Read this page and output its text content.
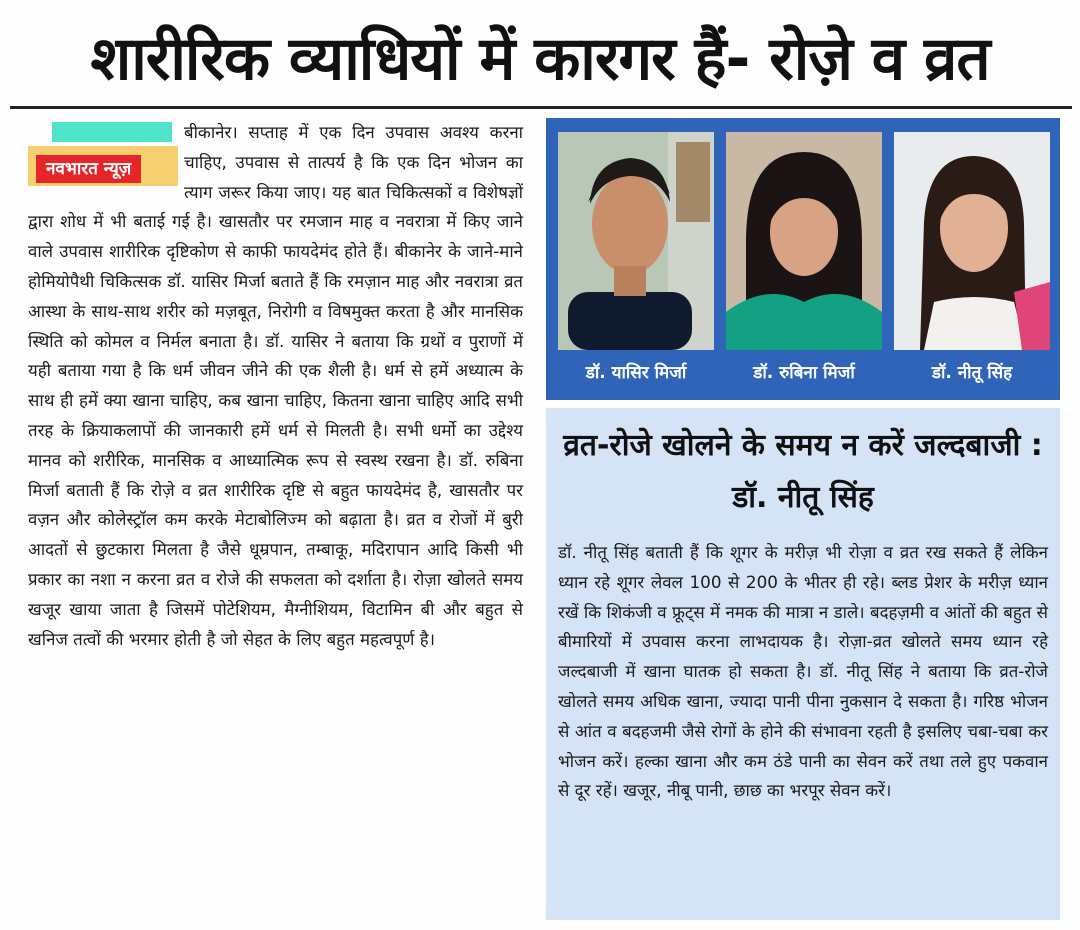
शारीरिक व्याधियों में कारगर हैं- रोज़े व व्रत
बीकानेर। सप्ताह में एक दिन उपवास अवश्य करना चाहिए, उपवास से तात्पर्य है कि एक दिन भोजन का त्याग जरूर किया जाए। यह बात चिकित्सकों व विशेषज्ञों द्वारा शोध में भी बताई गई है। खासतौर पर रमजान माह व नवरात्रा में किए जाने वाले उपवास शारीरिक दृष्टिकोण से काफी फायदेमंद होते हैं। बीकानेर के जाने-माने होमियोपैथी चिकित्सक डॉ. यासिर मिर्जा बताते हैं कि रमज़ान माह और नवरात्रा व्रत आस्था के साथ-साथ शरीर को मज़बूत, निरोगी व विषमुक्त करता है और मानसिक स्थिति को कोमल व निर्मल बनाता है। डॉ. यासिर ने बताया कि ग्रथों व पुराणों में यही बताया गया है कि धर्म जीवन जीने की एक शैली है। धर्म से हमें अध्यात्म के साथ ही हमें क्या खाना चाहिए, कब खाना चाहिए, कितना खाना चाहिए आदि सभी तरह के क्रियाकलापों की जानकारी हमें धर्म से मिलती है। सभी धर्मो का उद्देश्य मानव को शरीरिक, मानसिक व आध्यात्मिक रूप से स्वस्थ रखना है। डॉ. रुबिना मिर्जा बताती हैं कि रोज़े व व्रत शारीरिक दृष्टि से बहुत फायदेमंद है, खासतौर पर वज़न और कोलेस्ट्रॉल कम करके मेटाबोलिज्म को बढ़ाता है। व्रत व रोजों में बुरी आदतों से छुटकारा मिलता है जैसे धूम्रपान, तम्बाकू, मदिरापान आदि किसी भी प्रकार का नशा न करना व्रत व रोजे की सफलता को दर्शाता है। रोज़ा खोलते समय खजूर खाया जाता है जिसमें पोटेशियम, मैग्नीशियम, विटामिन बी और बहुत से खनिज तत्वों की भरमार होती है जो सेहत के लिए बहुत महत्वपूर्ण है।
नवभारत न्यूज़
डॉ. यासिर मिर्जा	डॉ. रुबिना मिर्जा	डॉ. नीतू सिंह
व्रत-रोजे खोलने के समय न करें जल्दबाजी : डॉ. नीतू सिंह
डॉ. नीतू सिंह बताती हैं कि शूगर के मरीज़ भी रोज़ा व व्रत रख सकते हैं लेकिन ध्यान रहे शूगर लेवल 100 से 200 के भीतर ही रहे। ब्लड प्रेशर के मरीज़ ध्यान रखें कि शिकंजी व फ्रूट्स में नमक की मात्रा न डाले। बदहज़मी व आंतों की बहुत से बीमारियों में उपवास करना लाभदायक है। रोज़ा-व्रत खोलते समय ध्यान रहे जल्दबाजी में खाना घातक हो सकता है। डॉ. नीतू सिंह ने बताया कि व्रत-रोजे खोलते समय अधिक खाना, ज्यादा पानी पीना नुकसान दे सकता है। गरिष्ठ भोजन से आंत व बदहजमी जैसे रोगों के होने की संभावना रहती है इसलिए चबा-चबा कर भोजन करें। हल्का खाना और कम ठंडे पानी का सेवन करें तथा तले हुए पकवान से दूर रहें। खजूर, नीबू पानी, छाछ का भरपूर सेवन करें।
